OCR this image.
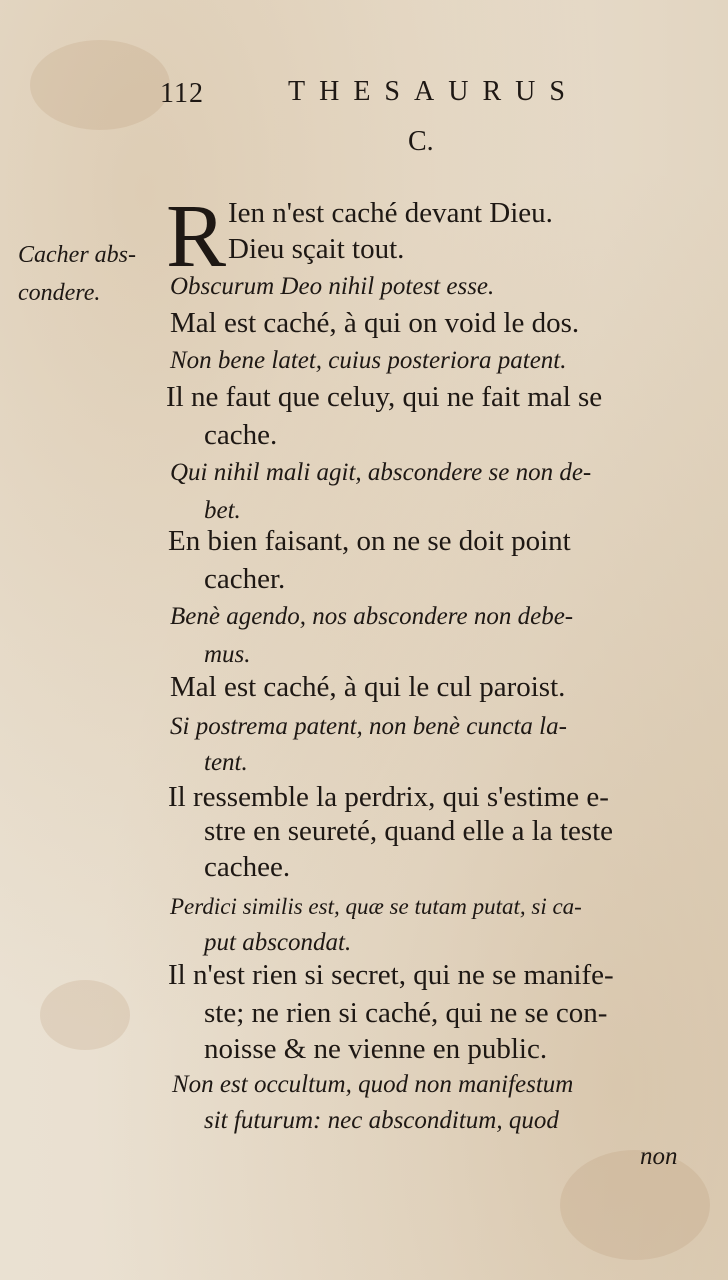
112	THESAURUS
C.
Cacher abs-
condere.
R Ien n'est caché devant Dieu.
Dieu sçait tout.
Obscurum Deo nihil potest esse.
Mal est caché, à qui on void le dos.
Non bene latet, cuius posteriora patent.
Il ne faut que celuy, qui ne fait mal se
cache.
Qui nihil mali agit, abscondere se non de-
bet.
En bien faisant, on ne se doit point
cacher.
Benè agendo, nos abscondere non debe-
mus.
Mal est caché, à qui le cul paroist.
Si postrema patent, non benè cuncta la-
tent.
Il ressemble la perdrix, qui s'estime e-
stre en seureté, quand elle a la teste
cachee.
Perdici similis est, quæ se tutam putat, si ca-
put abscondat.
Il n'est rien si secret, qui ne se manife-
ste; ne rien si caché, qui ne se con-
noisse & ne vienne en public.
Non est occultum, quod non manifestum
sit futurum: nec absconditum, quod
non
